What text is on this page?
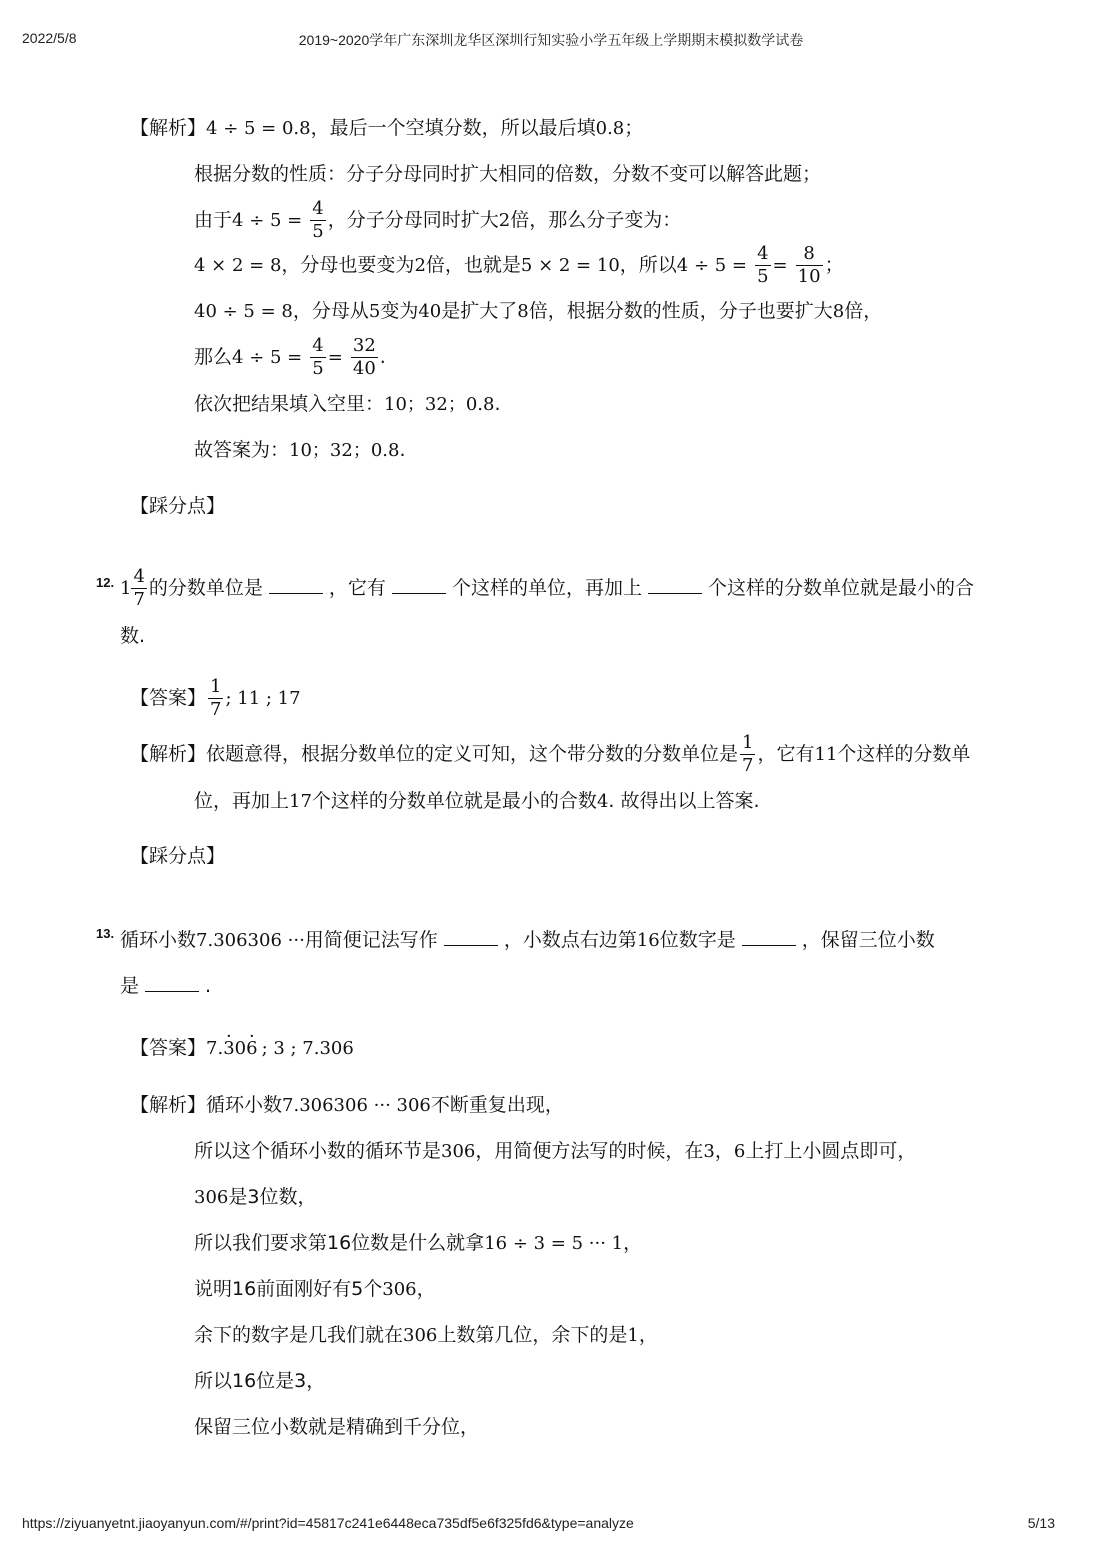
2022/5/8	2019~2020学年广东深圳龙华区深圳行知实验小学五年级上学期期末模拟数学试卷
【解析】4 ÷ 5 = 0.8，最后一个空填分数，所以最后填0.8；
根据分数的性质：分子分母同时扩大相同的倍数，分数不变可以解答此题；
由于$4 \div 5 = \frac{4}{5}$ ，分子分母同时扩大2倍，那么分子变为：
4 × 2 = 8，分母也要变为2倍，也就是5 × 2 = 10，所以$4 \div 5 = \frac{4}{5} = \frac{8}{10}$ ；
40 ÷ 5 = 8，分母从5变为40是扩大了8倍，根据分数的性质，分子也要扩大8倍，
那么$4 \div 5 = \frac{4}{5} = \frac{32}{40}$ .
依次把结果填入空里：10；32；0.8.
故答案为：10；32；0.8.
【踩分点】
12. $1 \frac{4}{7}$ 的分数单位是	，它有	个这样的单位，再加上	个这样的分数单位就是最小的合
数.
【答案】 $\frac{1}{7}$ ; 11 ; 17
【解析】依题意得，根据分数单位的定义可知，这个带分数的分数单位是 $\frac{1}{7}$ ，它有11个这样的分数单
位，再加上17个这样的分数单位就是最小的合数4. 故得出以上答案.
【踩分点】
13. 循环小数7.306306 ···用简便记法写作	，小数点右边第16位数字是	，保留三位小数
是	.
【答案】7.· 30· 6 ; 3 ; 7.306
【解析】循环小数7.306306 ··· 306不断重复出现，
所以这个循环小数的循环节是306，用简便方法写的时候，在3，6上打上小圆点即可，
306是3位数，
所以我们要求第16位数是什么就拿16 ÷ 3 = 5 ··· 1，
说明16前面刚好有5个306，
余下的数字是几我们就在306上数第几位，余下的是1，
所以16位是3，
保留三位小数就是精确到千分位，
https://ziyuanyetnt.jiaoyanyun.com/#/print?id=45817c241e6448eca735df5e6f325fd6&type=analyze	5/13
